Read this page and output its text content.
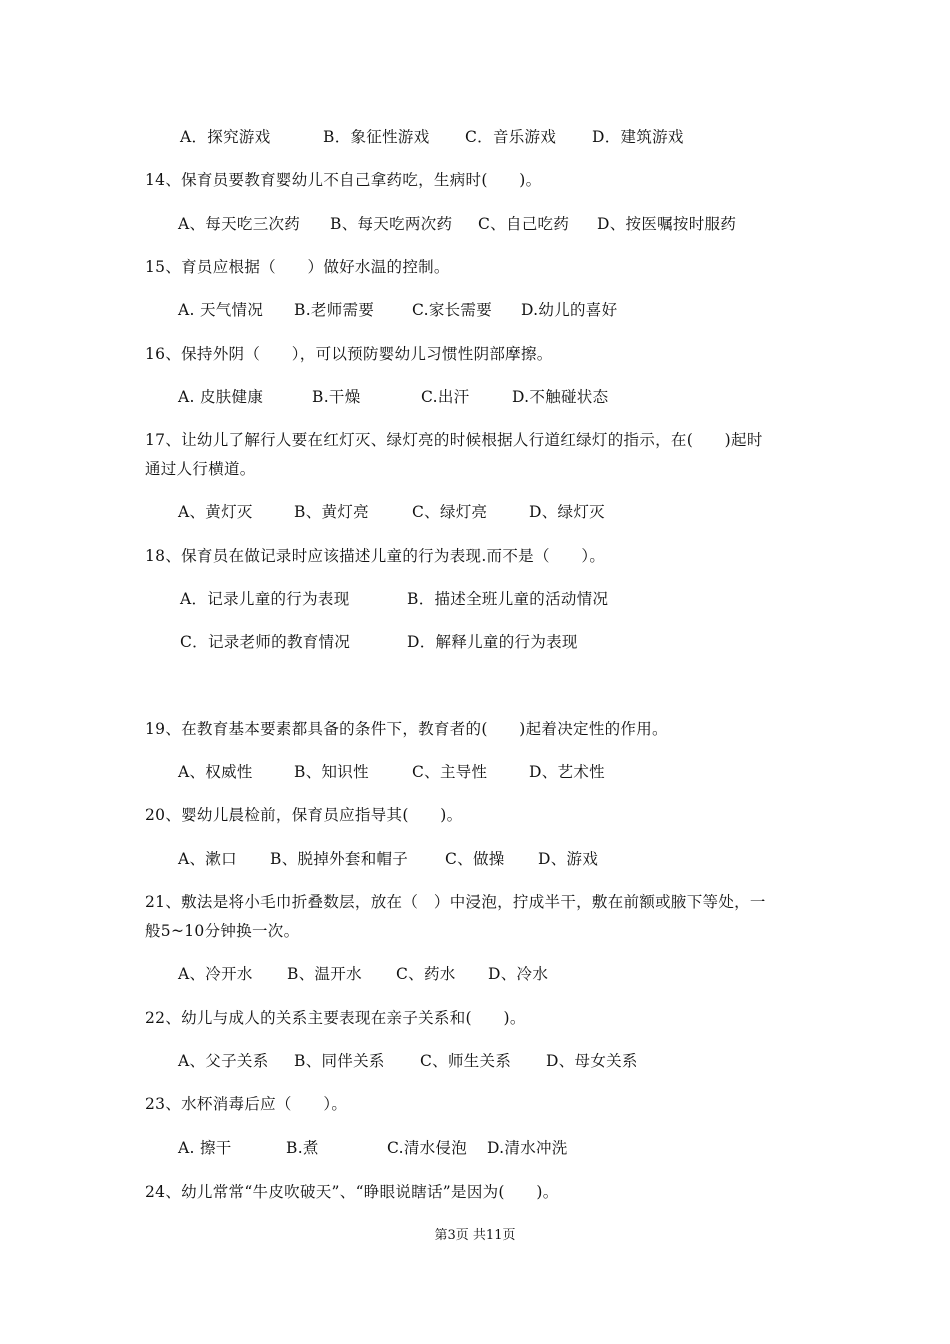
A．探究游戏	B．象征性游戏 C．音乐游戏 D．建筑游戏
14、保育员要教育婴幼儿不自己拿药吃，生病时(　　)。
A、每天吃三次药 B、每天吃两次药 C、自己吃药 D、按医嘱按时服药
15、育员应根据（　　）做好水温的控制。
A. 天气情况 B.老师需要 C.家长需要 D.幼儿的喜好
16、保持外阴（　　），可以预防婴幼儿习惯性阴部摩擦。
A. 皮肤健康	B.干燥	C.出汗	D.不触碰状态
17、让幼儿了解行人要在红灯灭、绿灯亮的时候根据人行道红绿灯的指示，在(　　)起时
通过人行横道。
A、黄灯灭	B、黄灯亮	C、绿灯亮	D、绿灯灭
18、保育员在做记录时应该描述儿童的行为表现.而不是（　　）。
A．记录儿童的行为表现	B．描述全班儿童的活动情况
C．记录老师的教育情况	D．解释儿童的行为表现
19、在教育基本要素都具备的条件下，教育者的(　　)起着决定性的作用。
A、权威性	B、知识性	C、主导性	D、艺术性
20、婴幼儿晨检前，保育员应指导其(　　)。
A、漱口 B、脱掉外套和帽子 C、做操 D、游戏
21、敷法是将小毛巾折叠数层，放在（　）中浸泡，拧成半干，敷在前额或腋下等处，一
般5~10分钟换一次。
A、冷开水 B、温开水 C、药水 D、冷水
22、幼儿与成人的关系主要表现在亲子关系和(　　)。
A、父子关系 B、同伴关系 C、师生关系 D、母女关系
23、水杯消毒后应（　　）。
A. 擦干	B.煮	C.清水侵泡 D.清水冲洗
24、幼儿常常“牛皮吹破天”、“睁眼说瞎话”是因为(　　)。
第3页 共11页
